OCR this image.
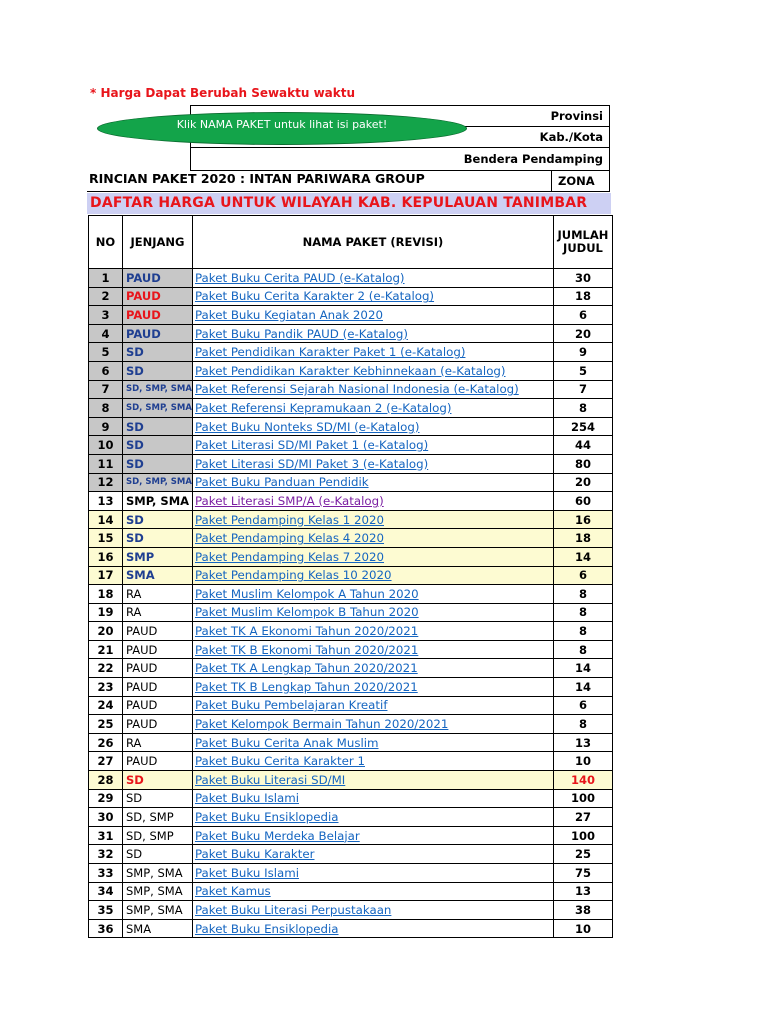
* Harga Dapat Berubah Sewaktu waktu
Provinsi
Kab./Kota
Bendera Pendamping
Klik NAMA PAKET untuk lihat isi paket!
RINCIAN PAKET 2020 : INTAN PARIWARA GROUP	ZONA
DAFTAR HARGA UNTUK WILAYAH KAB. KEPULAUAN TANIMBAR
NO	JENJANG	NAMA PAKET (REVISI)	JUMLAH
JUDUL
1	PAUD	Paket Buku Cerita PAUD (e-Katalog)	30
2	PAUD	Paket Buku Cerita Karakter 2 (e-Katalog)	18
3	PAUD	Paket Buku Kegiatan Anak 2020	6
4	PAUD	Paket Buku Pandik PAUD (e-Katalog)	20
5	SD	Paket Pendidikan Karakter Paket 1 (e-Katalog)	9
6	SD	Paket Pendidikan Karakter Kebhinnekaan (e-Katalog)	5
7	SD, SMP, SMA	Paket Referensi Sejarah Nasional Indonesia (e-Katalog)	7
8	SD, SMP, SMA	Paket Referensi Kepramukaan 2 (e-Katalog)	8
9	SD	Paket Buku Nonteks SD/MI (e-Katalog)	254
10	SD	Paket Literasi SD/MI Paket 1 (e-Katalog)	44
11	SD	Paket Literasi SD/MI Paket 3 (e-Katalog)	80
12	SD, SMP, SMA	Paket Buku Panduan Pendidik	20
13	SMP, SMA	Paket Literasi SMP/A (e-Katalog)	60
14	SD	Paket Pendamping Kelas 1 2020	16
15	SD	Paket Pendamping Kelas 4 2020	18
16	SMP	Paket Pendamping Kelas 7 2020	14
17	SMA	Paket Pendamping Kelas 10 2020	6
18	RA	Paket Muslim Kelompok A Tahun 2020	8
19	RA	Paket Muslim Kelompok B Tahun 2020	8
20	PAUD	Paket TK A Ekonomi Tahun 2020/2021	8
21	PAUD	Paket TK B Ekonomi Tahun 2020/2021	8
22	PAUD	Paket TK A Lengkap Tahun 2020/2021	14
23	PAUD	Paket TK B Lengkap Tahun 2020/2021	14
24	PAUD	Paket Buku Pembelajaran Kreatif	6
25	PAUD	Paket Kelompok Bermain Tahun 2020/2021	8
26	RA	Paket Buku Cerita Anak Muslim	13
27	PAUD	Paket Buku Cerita Karakter 1	10
28	SD	Paket Buku Literasi SD/MI	140
29	SD	Paket Buku Islami	100
30	SD, SMP	Paket Buku Ensiklopedia	27
31	SD, SMP	Paket Buku Merdeka Belajar	100
32	SD	Paket Buku Karakter	25
33	SMP, SMA	Paket Buku Islami	75
34	SMP, SMA	Paket Kamus	13
35	SMP, SMA	Paket Buku Literasi Perpustakaan	38
36	SMA	Paket Buku Ensiklopedia	10
